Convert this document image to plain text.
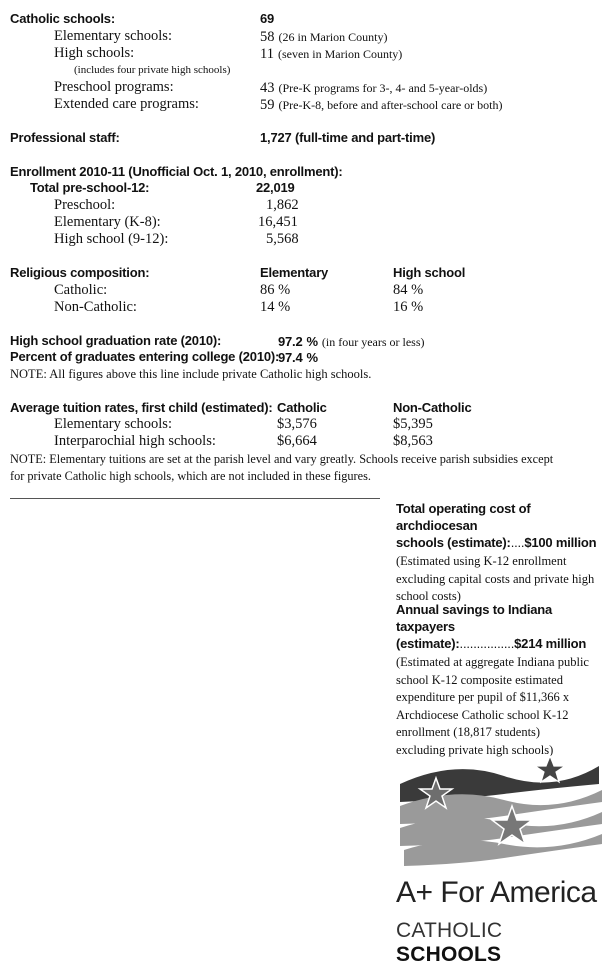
Catholic schools:	69
Elementary schools:	58 (26 in Marion County)
High schools:	11 (seven in Marion County)
(includes four private high schools)
Preschool programs:	43 (Pre-K programs for 3-, 4- and 5-year-olds)
Extended care programs:	59 (Pre-K-8, before and after-school care or both)
Professional staff:	1,727 (full-time and part-time)
Enrollment 2010-11 (Unofficial Oct. 1, 2010, enrollment):
Total pre-school-12:	22,019
Preschool:	1,862
Elementary (K-8):	16,451
High school (9-12):	5,568
Religious composition:	Elementary	High school
Catholic:	86 %	84 %
Non-Catholic:	14 %	16 %
High school graduation rate (2010):	97.2 % (in four years or less)
Percent of graduates entering college (2010):
97.4 %
NOTE: All figures above this line include private Catholic high schools.
Average tuition rates, first child (estimated): Catholic	Non-Catholic
Elementary schools:	$3,576	$5,395
Interparochial high schools:	$6,664	$8,563
NOTE: Elementary tuitions are set at the parish level and vary greatly. Schools receive parish subsidies except
for private Catholic high schools, which are not included in these figures.
Total operating cost of archdiocesan
schools (estimate):....$100 million
(Estimated using K-12 enrollment
excluding capital costs and private high
school costs)
Annual savings to Indiana taxpayers
(estimate):................$214 million
(Estimated at aggregate Indiana public
school K-12 composite estimated
expenditure per pupil of $11,366 x
Archdiocese Catholic school K-12
enrollment (18,817 students)
excluding private high schools)
A+ For America
CATHOLIC SCHOOLS
